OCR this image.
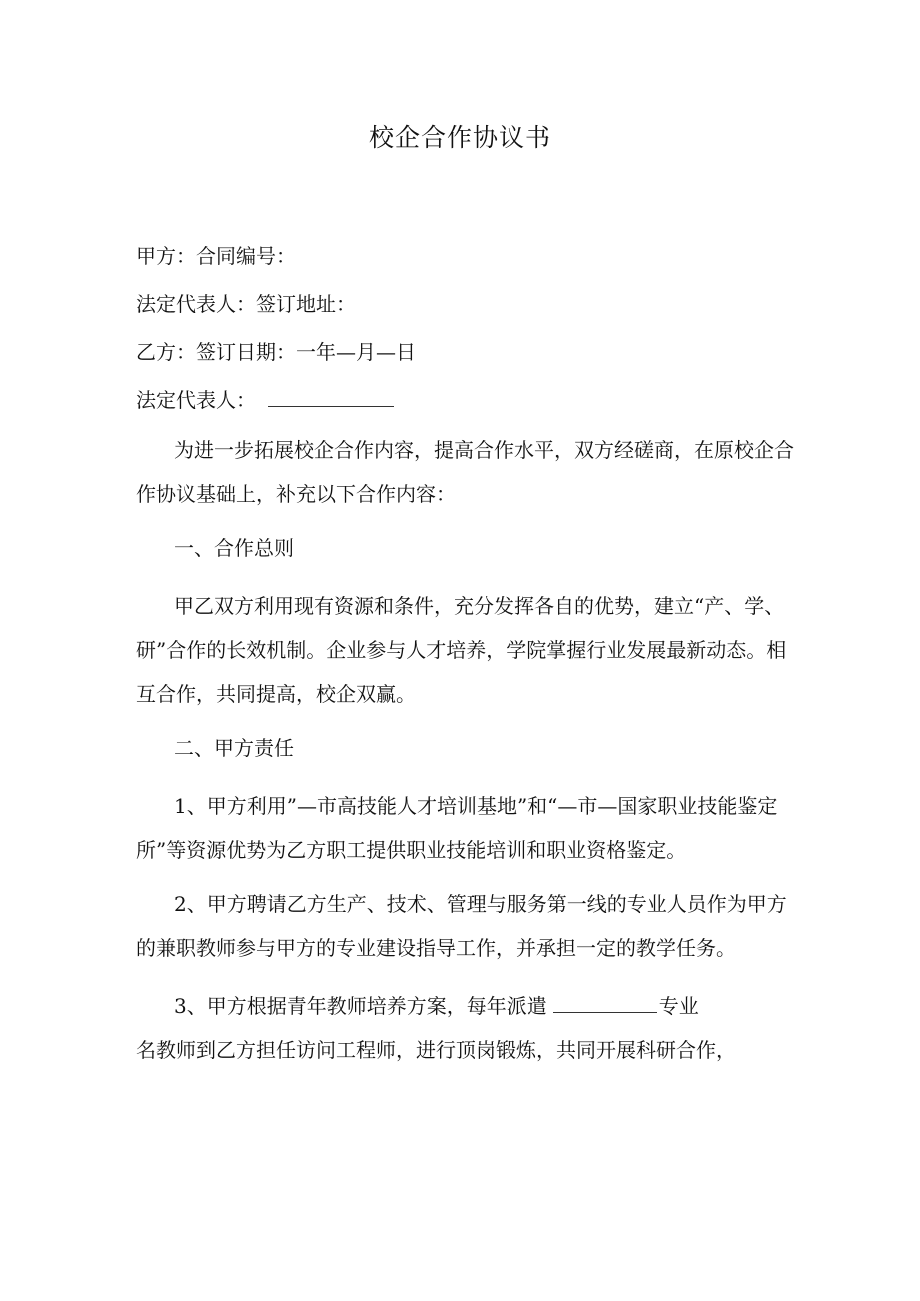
校企合作协议书
甲方：合同编号：
法定代表人：签订地址：
乙方：签订日期：一年—月—日
法定代表人：

为进一步拓展校企合作内容，提高合作水平，双方经磋商，在原校企合作协议基础上，补充以下合作内容：

一、合作总则

甲乙双方利用现有资源和条件，充分发挥各自的优势，建立“产、学、研”合作的长效机制。企业参与人才培养，学院掌握行业发展最新动态。相互合作，共同提高，校企双赢。

二、甲方责任

1、甲方利用”—市高技能人才培训基地”和“—市—国家职业技能鉴定所”等资源优势为乙方职工提供职业技能培训和职业资格鉴定。

2、甲方聘请乙方生产、技术、管理与服务第一线的专业人员作为甲方的兼职教师参与甲方的专业建设指导工作，并承担一定的教学任务。

3、甲方根据青年教师培养方案，每年派遣	专业

名教师到乙方担任访问工程师，进行顶岗锻炼，共同开展科研合作，
